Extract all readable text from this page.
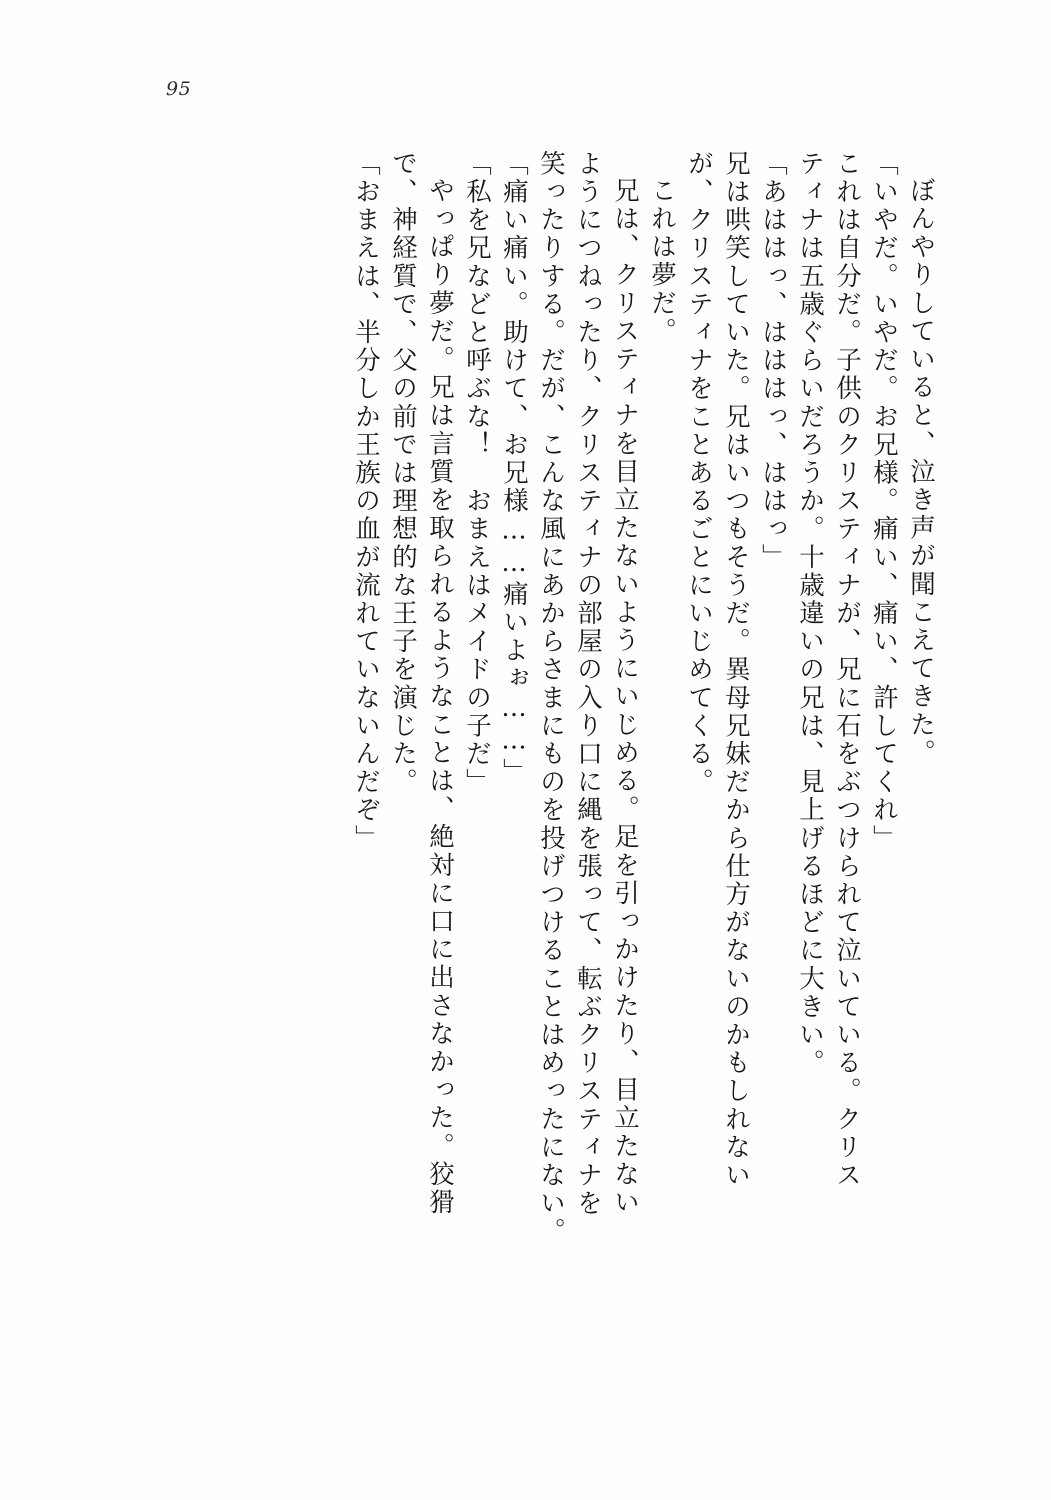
95
ぼんやりしていると、泣き声が聞こえてきた。
「いやだ。いやだ。お兄様。痛い、痛い、許してくれ」
これは自分だ。子供のクリスティナが、兄に石をぶつけられて泣いている。クリス
ティナは五歳ぐらいだろうか。十歳違いの兄は、見上げるほどに大きい。
「あははっ、はははっ、ははっ」
兄は哄笑していた。兄はいつもそうだ。異母兄妹だから仕方がないのかもしれない
が、クリスティナをことあるごとにいじめてくる。
これは夢だ。
兄は、クリスティナを目立たないようにいじめる。足を引っかけたり、目立たない
ようにつねったり、クリスティナの部屋の入り口に縄を張って、転ぶクリスティナを
笑ったりする。だが、こんな風にあからさまにものを投げつけることはめったにない。
「痛い痛い。助けて、お兄様……痛いよぉ……」
「私を兄などと呼ぶな！　おまえはメイドの子だ」
やっぱり夢だ。兄は言質を取られるようなことは、絶対に口に出さなかった。狡猾
で、神経質で、父の前では理想的な王子を演じた。
「おまえは、半分しか王族の血が流れていないんだぞ」
